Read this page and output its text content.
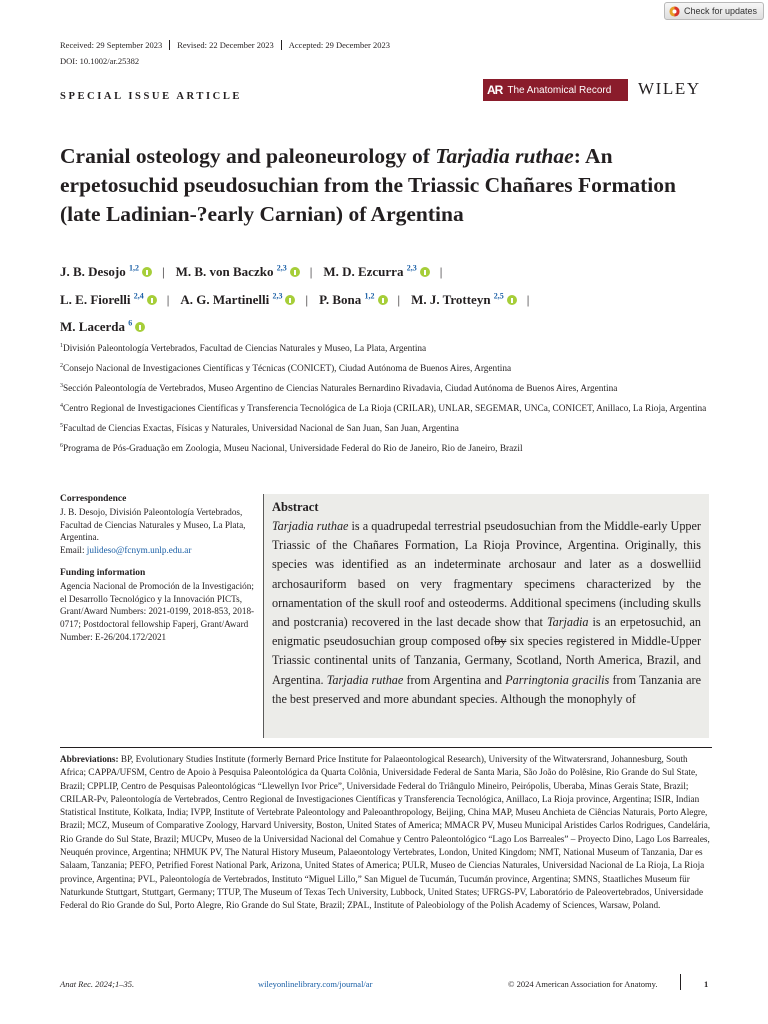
Check for updates
Received: 29 September 2023 Revised: 22 December 2023 Accepted: 29 December 2023
DOI: 10.1002/ar.25382
SPECIAL ISSUE ARTICLE	AR The Anatomical Record WILEY
Cranial osteology and paleoneurology of Tarjadia ruthae: An erpetosuchid pseudosuchian from the Triassic Chañares Formation (late Ladinian-?early Carnian) of Argentina
J. B. Desojo $^{1,2}$ | M. B. von Baczko $^{2,3}$ | M. D. Ezcurra $^{2,3}$ |
L. E. Fiorelli $^{2,4}$ | A. G. Martinelli $^{2,3}$ | P. Bona $^{1,2}$ | M. J. Trotteyn $^{2,5}$ |
M. Lacerda $^6$

$^1$División Paleontología Vertebrados, Facultad de Ciencias Naturales y Museo, La Plata, Argentina

$^2$Consejo Nacional de Investigaciones Científicas y Técnicas (CONICET), Ciudad Autónoma de Buenos Aires, Argentina

$^3$Sección Paleontología de Vertebrados, Museo Argentino de Ciencias Naturales Bernardino Rivadavia, Ciudad Autónoma de Buenos Aires, Argentina

$^4$Centro Regional de Investigaciones Científicas y Transferencia Tecnológica de La Rioja (CRILAR), UNLAR, SEGEMAR, UNCa, CONICET, Anillaco, La Rioja, Argentina

$^5$Facultad de Ciencias Exactas, Físicas y Naturales, Universidad Nacional de San Juan, San Juan, Argentina

$^6$Programa de Pós-Graduação em Zoologia, Museu Nacional, Universidade Federal do Rio de Janeiro, Rio de Janeiro, Brazil

Correspondence

J. B. Desojo, División Paleontología Vertebrados, Facultad de Ciencias Naturales y Museo, La Plata, Argentina.
Email: julideso@fcnym.unlp.edu.ar

Funding information

Agencia Nacional de Promoción de la Investigación; el Desarrollo Tecnológico y la Innovación PICTs, Grant/Award Numbers: 2021-0199, 2018-853, 2018-0717; Postdoctoral fellowship Faperj, Grant/Award Number: E-26/204.172/2021

Abstract

Tarjadia ruthae is a quadrupedal terrestrial pseudosuchian from the Middle-early Upper Triassic of the Chañares Formation, La Rioja Province, Argentina. Originally, this species was identified as an indeterminate archosaur and later as a doswelliid archosauriform based on very fragmentary specimens characterized by the ornamentation of the skull roof and osteoderms. Additional specimens (including skulls and postcrania) recovered in the last decade show that Tarjadia is an erpetosuchid, an enigmatic pseudosuchian group composed ofby six species registered in Middle-Upper Triassic continental units of Tanzania, Germany, Scotland, North America, Brazil, and Argentina. Tarjadia ruthae from Argentina and Parringtonia gracilis from Tanzania are the best preserved and more abundant species. Although the monophyly of

Abbreviations: BP, Evolutionary Studies Institute (formerly Bernard Price Institute for Palaeontological Research), University of the Witwatersrand, Johannesburg, South Africa; CAPPA/UFSM, Centro de Apoio à Pesquisa Paleontológica da Quarta Colônia, Universidade Federal de Santa Maria, São João do Polêsine, Rio Grande do Sul State, Brazil; CPPLIP, Centro de Pesquisas Paleontológicas “Llewellyn Ivor Price”, Universidade Federal do Triângulo Mineiro, Peirópolis, Uberaba, Minas Gerais State, Brazil; CRILAR-Pv, Paleontología de Vertebrados, Centro Regional de Investigaciones Científicas y Transferencia Tecnológica, Anillaco, La Rioja province, Argentina; ISIR, Indian Statistical Institute, Kolkata, India; IVPP, Institute of Vertebrate Paleontology and Paleoanthropology, Beijing, China MAP, Museu Anchieta de Ciências Naturais, Porto Alegre, Brazil; MCZ, Museum of Comparative Zoology, Harvard University, Boston, United States of America; MMACR PV, Museu Municipal Aristides Carlos Rodrigues, Candelária, Rio Grande do Sul State, Brazil; MUCPv, Museo de la Universidad Nacional del Comahue y Centro Paleontológico “Lago Los Barreales” – Proyecto Dino, Lago Los Barreales, Neuquén province, Argentina; NHMUK PV, The Natural History Museum, Palaeontology Vertebrates, London, United Kingdom; NMT, National Museum of Tanzania, Dar es Salaam, Tanzania; PEFO, Petrified Forest National Park, Arizona, United States of America; PULR, Museo de Ciencias Naturales, Universidad Nacional de La Rioja, La Rioja province, Argentina; PVL, Paleontología de Vertebrados, Instituto “Miguel Lillo,” San Miguel de Tucumán, Tucumán province, Argentina; SMNS, Staatliches Museum für Naturkunde Stuttgart, Stuttgart, Germany; TTUP, The Museum of Texas Tech University, Lubbock, United States; UFRGS-PV, Laboratório de Paleovertebrados, Universidade Federal do Rio Grande do Sul, Porto Alegre, Rio Grande do Sul State, Brazil; ZPAL, Institute of Paleobiology of the Polish Academy of Sciences, Warsaw, Poland.
Anat Rec. 2024;1–35.	wileyonlinelibrary.com/journal/ar	© 2024 American Association for Anatomy.	1
